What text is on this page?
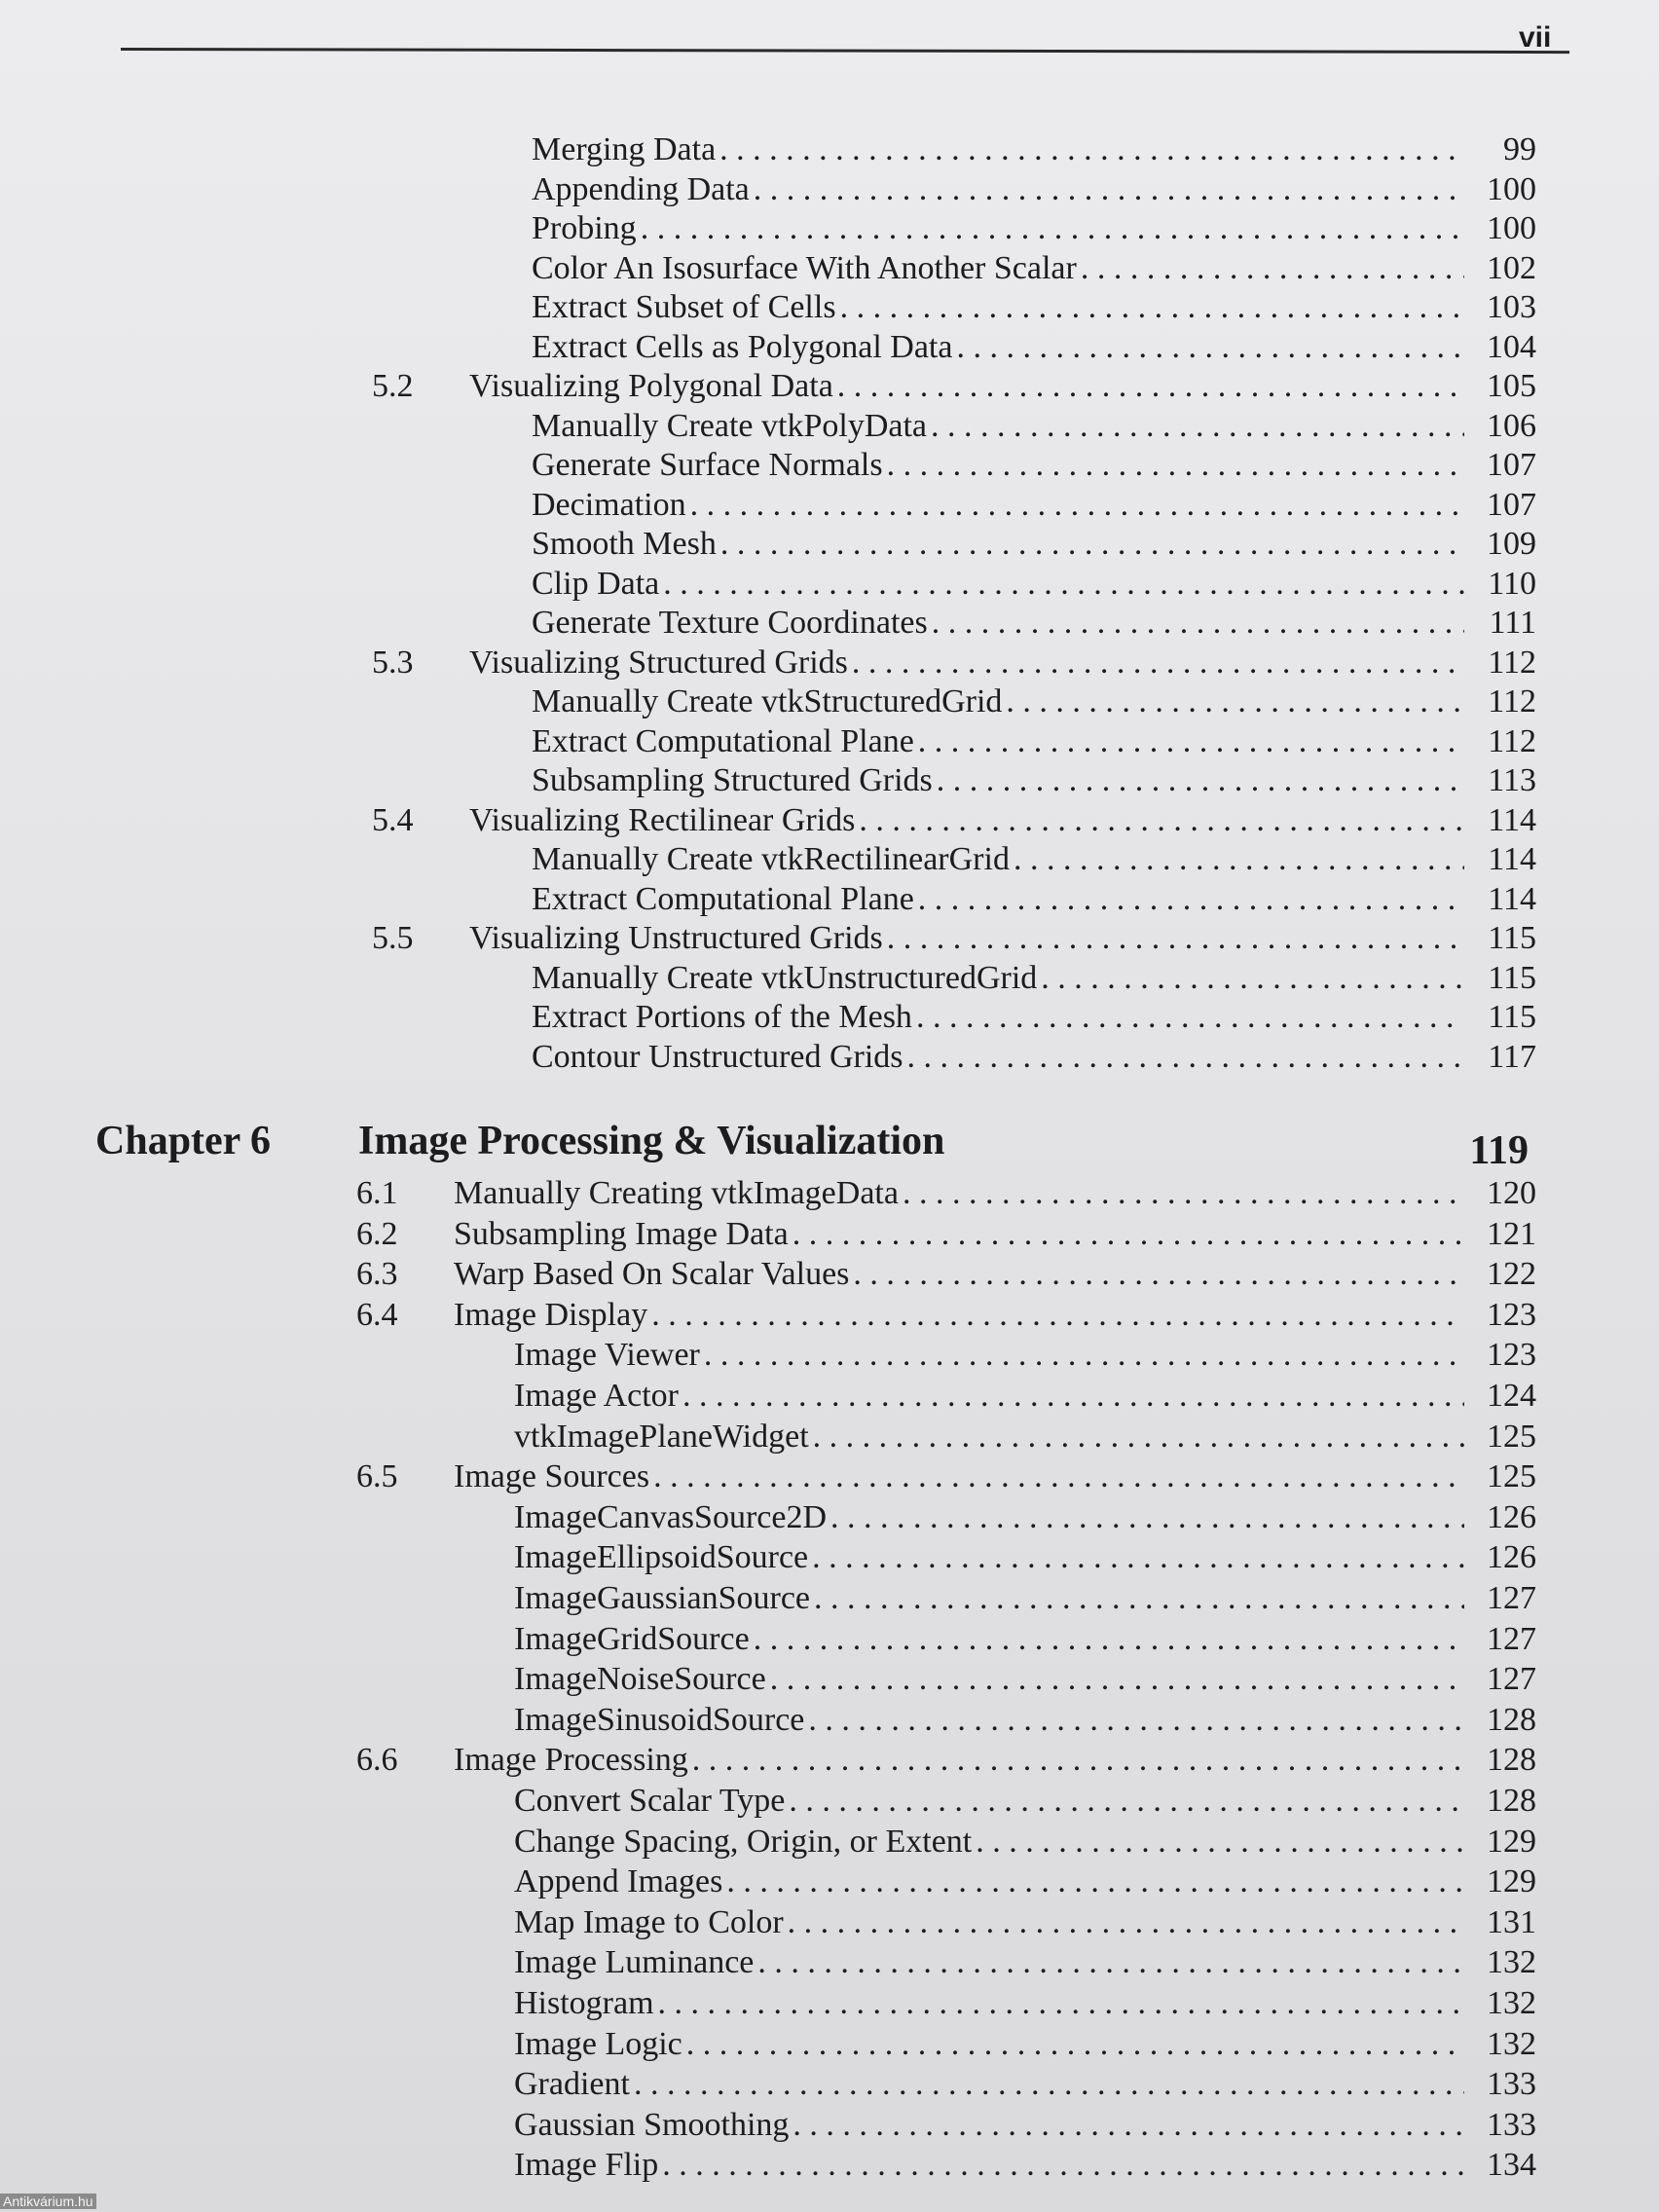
vii
Merging Data . . .	99
Appending Data . . .	100
Probing . . .	100
Color An Isosurface With Another Scalar . . .	102
Extract Subset of Cells . . .	103
Extract Cells as Polygonal Data . . .	104
5.2 Visualizing Polygonal Data . . .	105
Manually Create vtkPolyData . . .	106
Generate Surface Normals . . .	107
Decimation . . .	107
Smooth Mesh . . .	109
Clip Data . . .	110
Generate Texture Coordinates . . .	111
5.3 Visualizing Structured Grids . . .	112
Manually Create vtkStructuredGrid . . .	112
Extract Computational Plane . . .	112
Subsampling Structured Grids . . .	113
5.4 Visualizing Rectilinear Grids . . .	114
Manually Create vtkRectilinearGrid . . .	114
Extract Computational Plane . . .	114
5.5 Visualizing Unstructured Grids . . .	115
Manually Create vtkUnstructuredGrid . . .	115
Extract Portions of the Mesh . . .	115
Contour Unstructured Grids . . .	117
Chapter 6 Image Processing & Visualization	119
6.1 Manually Creating vtkImageData . . .	120
6.2 Subsampling Image Data . . .	121
6.3 Warp Based On Scalar Values . . .	122
6.4 Image Display . . .	123
Image Viewer . . .	123
Image Actor . . .	124
vtkImagePlaneWidget . . .	125
6.5 Image Sources . . .	125
ImageCanvasSource2D . . .	126
ImageEllipsoidSource . . .	126
ImageGaussianSource . . .	127
ImageGridSource . . .	127
ImageNoiseSource . . .	127
ImageSinusoidSource . . .	128
6.6 Image Processing . . .	128
Convert Scalar Type . . .	128
Change Spacing, Origin, or Extent . . .	129
Append Images . . .	129
Map Image to Color . . .	131
Image Luminance . . .	132
Histogram . . .	132
Image Logic . . .	132
Gradient . . .	133
Gaussian Smoothing . . .	133
Image Flip . . .	134
Antikvárium.hu
